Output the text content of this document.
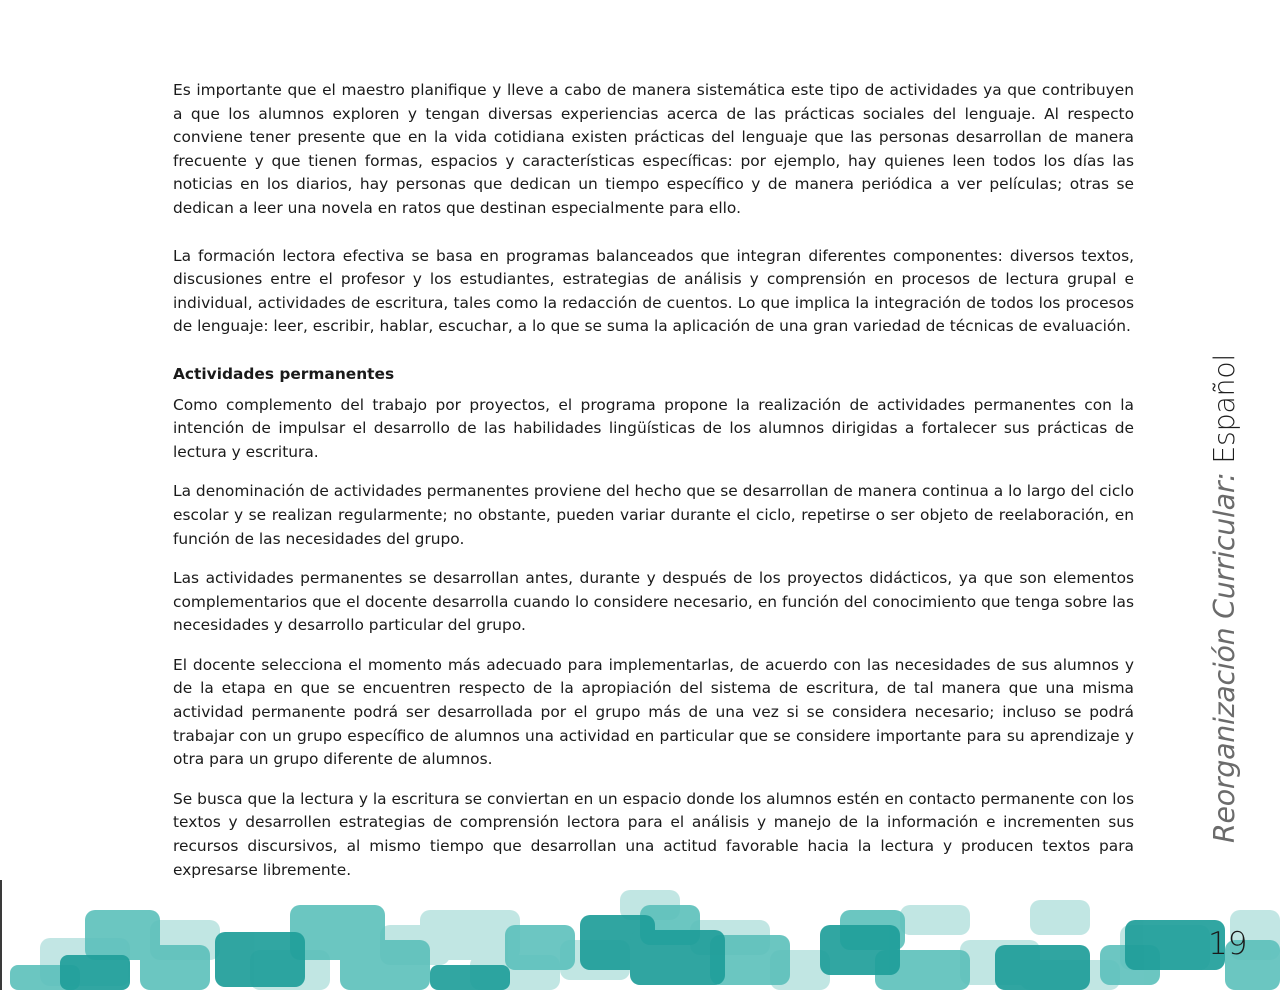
Es importante que el maestro planifique y lleve a cabo de manera sistemática este tipo de actividades ya que contribuyen a que los alumnos exploren y tengan diversas experiencias acerca de las prácticas sociales del lenguaje. Al respecto conviene tener presente que en la vida cotidiana existen prácticas del lenguaje que las personas desarrollan de manera frecuente y que tienen formas, espacios y características específicas: por ejemplo, hay quienes leen todos los días las noticias en los diarios, hay personas que dedican un tiempo específico y de manera periódica a ver películas; otras se dedican a leer una novela en ratos que destinan especialmente para ello.

La formación lectora efectiva se basa en programas balanceados que integran diferentes componentes: diversos textos, discusiones entre el profesor y los estudiantes, estrategias de análisis y comprensión en procesos de lectura grupal e individual, actividades de escritura, tales como la redacción de cuentos. Lo que implica la integración de todos los procesos de lenguaje: leer, escribir, hablar, escuchar, a lo que se suma la aplicación de una gran variedad de técnicas de evaluación.

Actividades permanentes

Como complemento del trabajo por proyectos, el programa propone la realización de actividades permanentes con la intención de impulsar el desarrollo de las habilidades lingüísticas de los alumnos dirigidas a fortalecer sus prácticas de lectura y escritura.

La denominación de actividades permanentes proviene del hecho que se desarrollan de manera continua a lo largo del ciclo escolar y se realizan regularmente; no obstante, pueden variar durante el ciclo, repetirse o ser objeto de reelaboración, en función de las necesidades del grupo.

Las actividades permanentes se desarrollan antes, durante y después de los proyectos didácticos, ya que son elementos complementarios que el docente desarrolla cuando lo considere necesario, en función del conocimiento que tenga sobre las necesidades y desarrollo particular del grupo.

El docente selecciona el momento más adecuado para implementarlas, de acuerdo con las necesidades de sus alumnos y de la etapa en que se encuentren respecto de la apropiación del sistema de escritura, de tal manera que una misma actividad permanente podrá ser desarrollada por el grupo más de una vez si se considera necesario; incluso se podrá trabajar con un grupo específico de alumnos una actividad en particular que se considere importante para su aprendizaje y otra para un grupo diferente de alumnos.

Se busca que la lectura y la escritura se conviertan en un espacio donde los alumnos estén en contacto permanente con los textos y desarrollen estrategias de comprensión lectora para el análisis y manejo de la información e incrementen sus recursos discursivos, al mismo tiempo que desarrollan una actitud favorable hacia la lectura y producen textos para expresarse libremente.

Reorganización Curricular: Español
19
